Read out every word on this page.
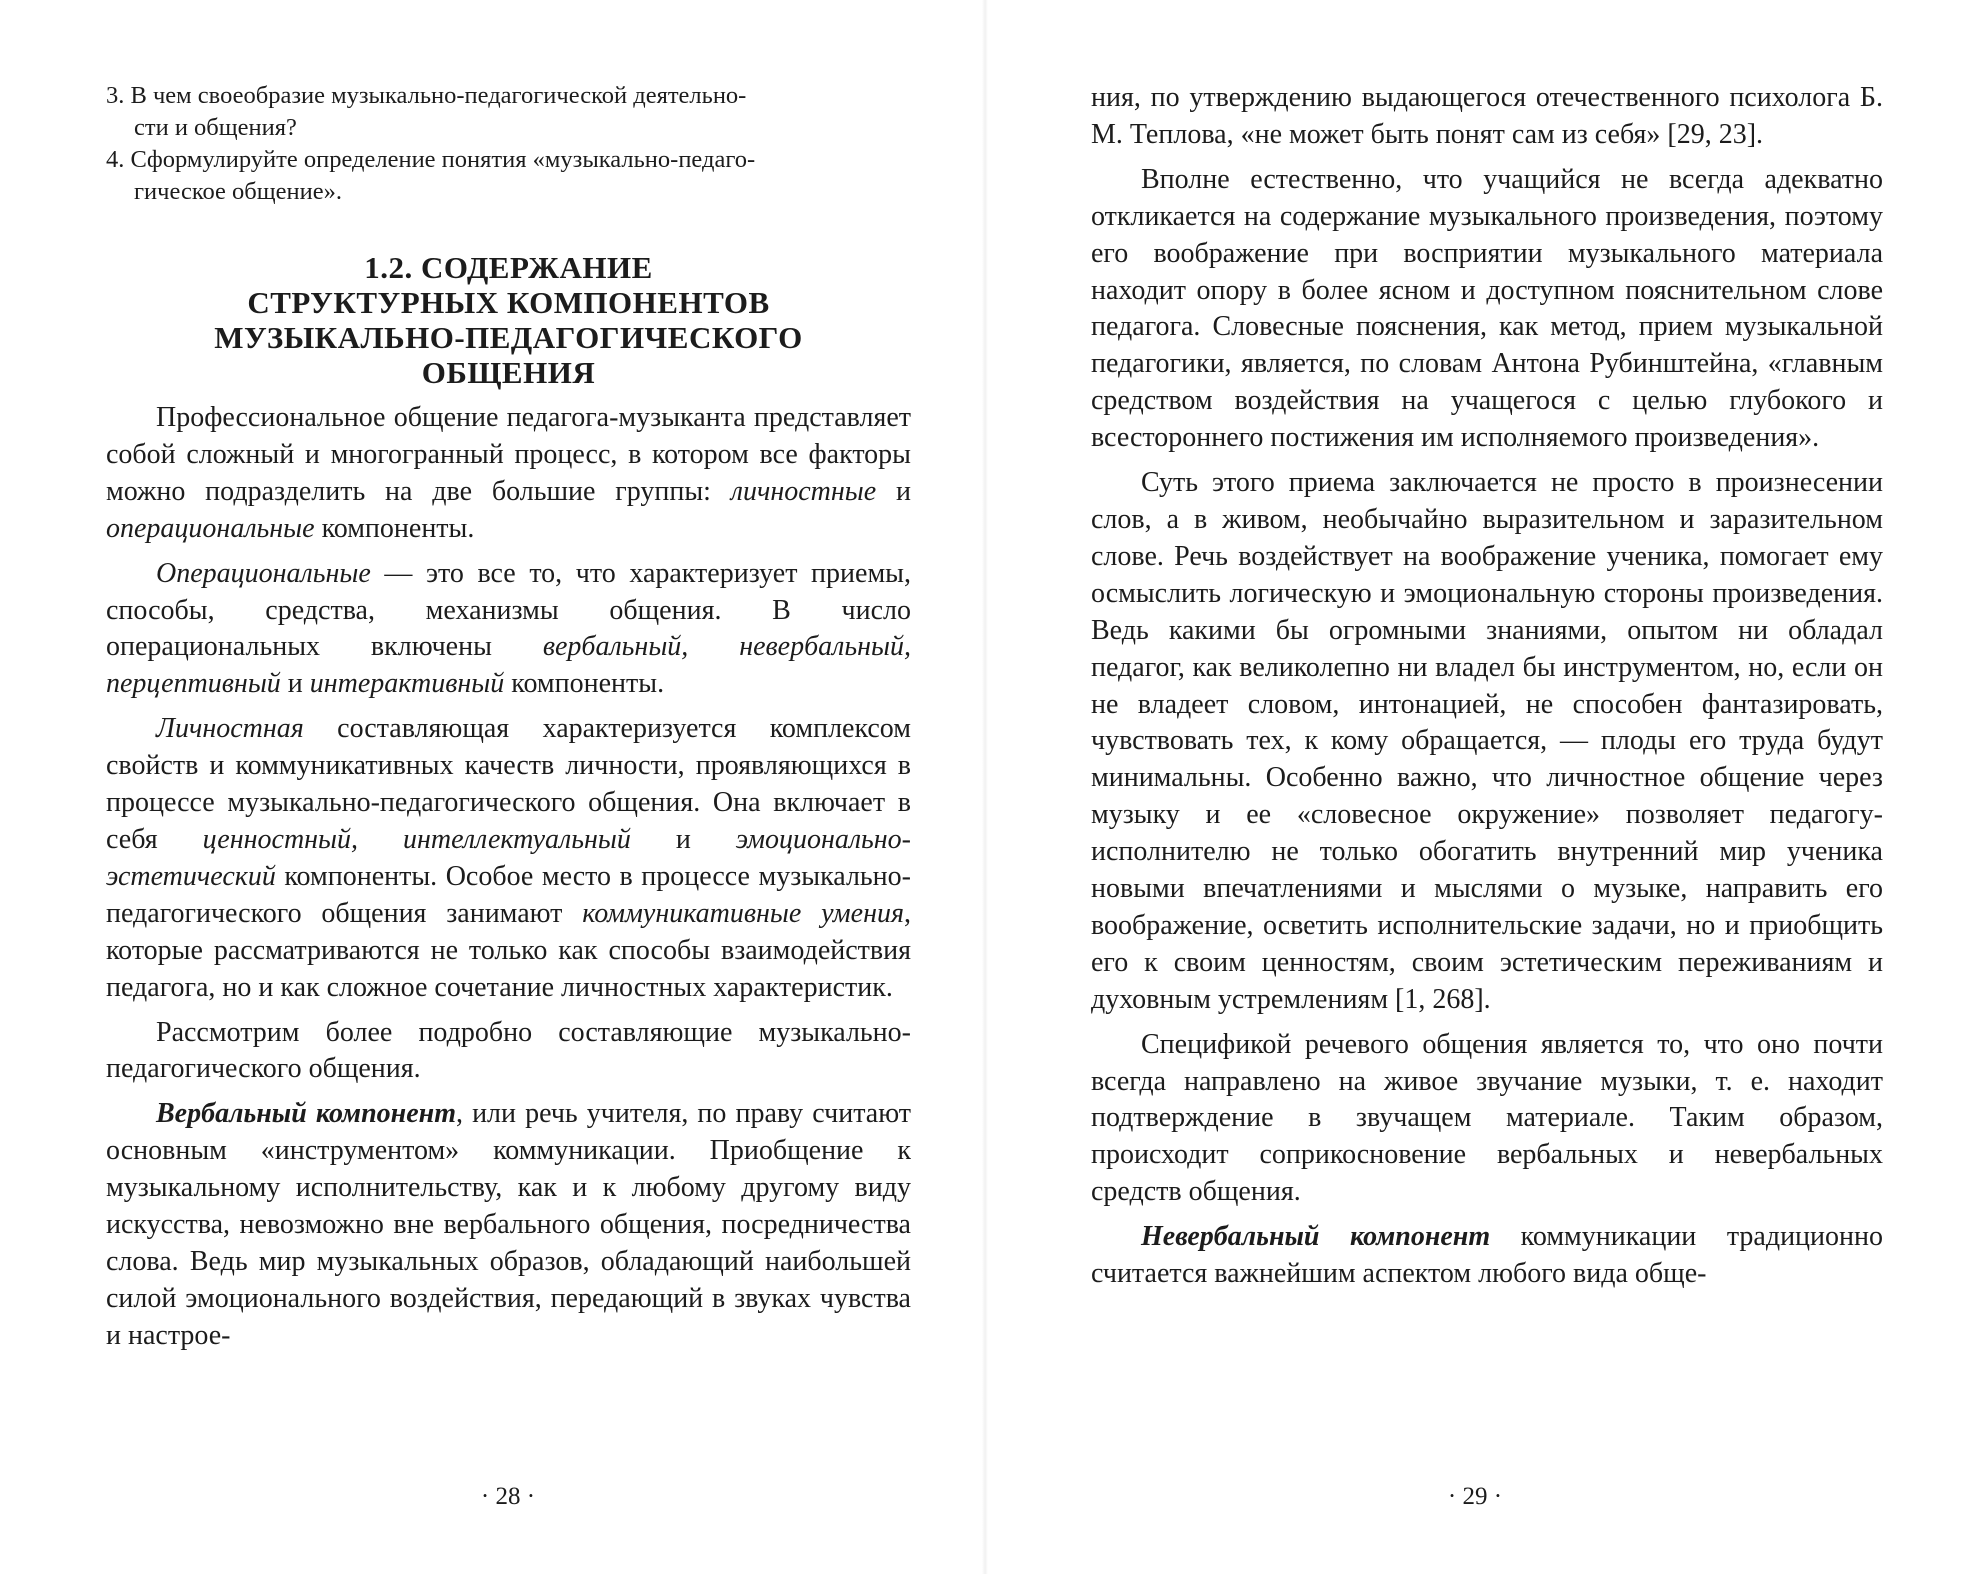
3. В чем своеобразие музыкально-педагогической деятельно-
сти и общения?
4. Сформулируйте определение понятия «музыкально-педаго-
гическое общение».
1.2. СОДЕРЖАНИЕ
СТРУКТУРНЫХ КОМПОНЕНТОВ
МУЗЫКАЛЬНО-ПЕДАГОГИЧЕСКОГО
ОБЩЕНИЯ

Профессиональное общение педагога-музыканта представляет собой сложный и многогранный процесс, в котором все факторы можно подразделить на две большие группы: личностные и операциональные компоненты.

Операциональные — это все то, что характеризует приемы, способы, средства, механизмы общения. В число операциональных включены вербальный, невербальный, перцептивный и интерактивный компоненты.

Личностная составляющая характеризуется комплексом свойств и коммуникативных качеств личности, проявляющихся в процессе музыкально-педагогического общения. Она включает в себя ценностный, интеллектуальный и эмоционально-эстетический компоненты. Особое место в процессе музыкально-педагогического общения занимают коммуникативные умения, которые рассматриваются не только как способы взаимодействия педагога, но и как сложное сочетание личностных характеристик.

Рассмотрим более подробно составляющие музыкально-педагогического общения.

Вербальный компонент, или речь учителя, по праву считают основным «инструментом» коммуникации. Приобщение к музыкальному исполнительству, как и к любому другому виду искусства, невозможно вне вербального общения, посредничества слова. Ведь мир музыкальных образов, обладающий наибольшей силой эмоционального воздействия, передающий в звуках чувства и настрое-

· 28 ·

ния, по утверждению выдающегося отечественного психолога Б. М. Теплова, «не может быть понят сам из себя» [29, 23].

Вполне естественно, что учащийся не всегда адекватно откликается на содержание музыкального произведения, поэтому его воображение при восприятии музыкального материала находит опору в более ясном и доступном пояснительном слове педагога. Словесные пояснения, как метод, прием музыкальной педагогики, является, по словам Антона Рубинштейна, «главным средством воздействия на учащегося с целью глубокого и всестороннего постижения им исполняемого произведения».

Суть этого приема заключается не просто в произнесении слов, а в живом, необычайно выразительном и заразительном слове. Речь воздействует на воображение ученика, помогает ему осмыслить логическую и эмоциональную стороны произведения. Ведь какими бы огромными знаниями, опытом ни обладал педагог, как великолепно ни владел бы инструментом, но, если он не владеет словом, интонацией, не способен фантазировать, чувствовать тех, к кому обращается, — плоды его труда будут минимальны. Особенно важно, что личностное общение через музыку и ее «словесное окружение» позволяет педагогу-исполнителю не только обогатить внутренний мир ученика новыми впечатлениями и мыслями о музыке, направить его воображение, осветить исполнительские задачи, но и приобщить его к своим ценностям, своим эстетическим переживаниям и духовным устремлениям [1, 268].

Спецификой речевого общения является то, что оно почти всегда направлено на живое звучание музыки, т. е. находит подтверждение в звучащем материале. Таким образом, происходит соприкосновение вербальных и невербальных средств общения.

Невербальный компонент коммуникации традиционно считается важнейшим аспектом любого вида обще-

· 29 ·
